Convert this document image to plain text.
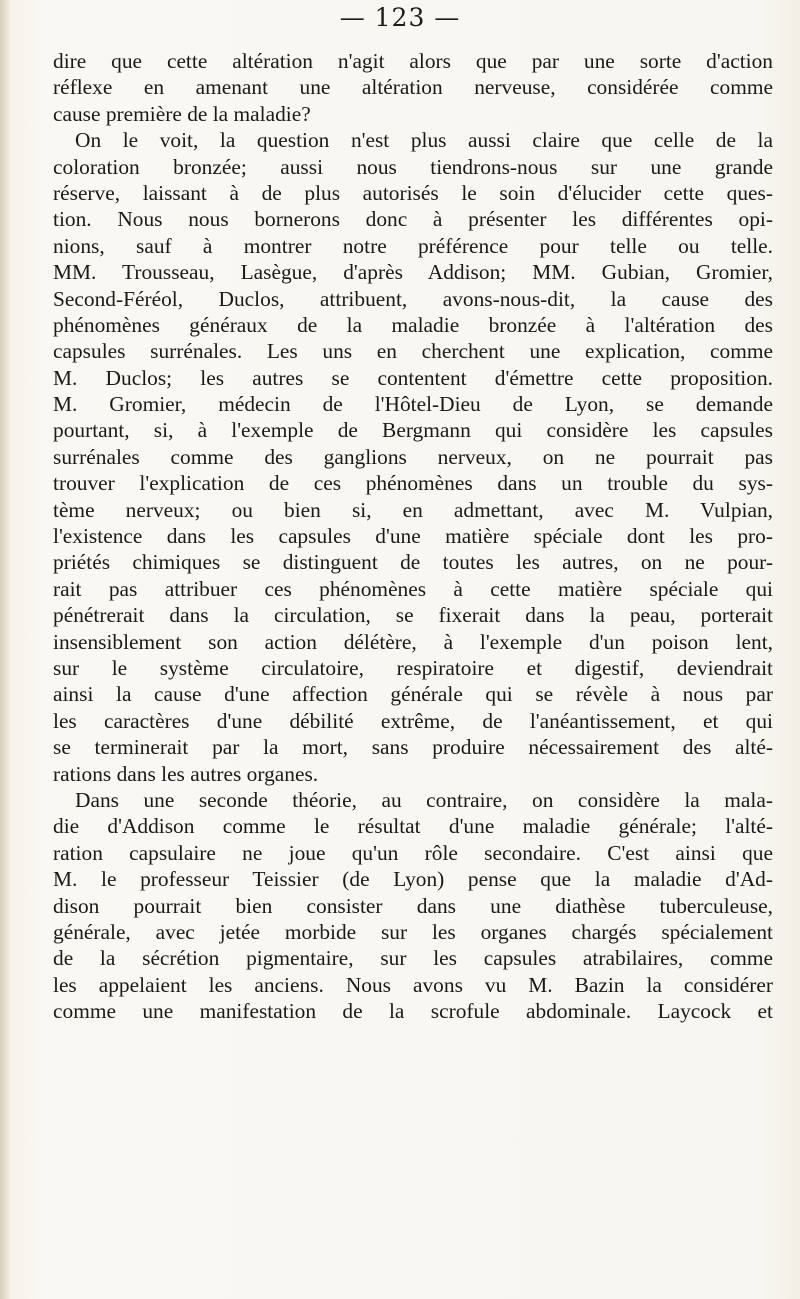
— 123 —
dire que cette altération n'agit alors que par une sorte d'action
réflexe en amenant une altération nerveuse, considérée comme
cause première de la maladie?
On le voit, la question n'est plus aussi claire que celle de la
coloration bronzée; aussi nous tiendrons-nous sur une grande
réserve, laissant à de plus autorisés le soin d'élucider cette ques-
tion. Nous nous bornerons donc à présenter les différentes opi-
nions, sauf à montrer notre préférence pour telle ou telle.
MM. Trousseau, Lasègue, d'après Addison; MM. Gubian, Gromier,
Second-Féréol, Duclos, attribuent, avons-nous-dit, la cause des
phénomènes généraux de la maladie bronzée à l'altération des
capsules surrénales. Les uns en cherchent une explication, comme
M. Duclos; les autres se contentent d'émettre cette proposition.
M. Gromier, médecin de l'Hôtel-Dieu de Lyon, se demande
pourtant, si, à l'exemple de Bergmann qui considère les capsules
surrénales comme des ganglions nerveux, on ne pourrait pas
trouver l'explication de ces phénomènes dans un trouble du sys-
tème nerveux; ou bien si, en admettant, avec M. Vulpian,
l'existence dans les capsules d'une matière spéciale dont les pro-
priétés chimiques se distinguent de toutes les autres, on ne pour-
rait pas attribuer ces phénomènes à cette matière spéciale qui
pénétrerait dans la circulation, se fixerait dans la peau, porterait
insensiblement son action délétère, à l'exemple d'un poison lent,
sur le système circulatoire, respiratoire et digestif, deviendrait
ainsi la cause d'une affection générale qui se révèle à nous par
les caractères d'une débilité extrême, de l'anéantissement, et qui
se terminerait par la mort, sans produire nécessairement des alté-
rations dans les autres organes.
Dans une seconde théorie, au contraire, on considère la mala-
die d'Addison comme le résultat d'une maladie générale; l'alté-
ration capsulaire ne joue qu'un rôle secondaire. C'est ainsi que
M. le professeur Teissier (de Lyon) pense que la maladie d'Ad-
dison pourrait bien consister dans une diathèse tuberculeuse,
générale, avec jetée morbide sur les organes chargés spécialement
de la sécrétion pigmentaire, sur les capsules atrabilaires, comme
les appelaient les anciens. Nous avons vu M. Bazin la considérer
comme une manifestation de la scrofule abdominale. Laycock et
